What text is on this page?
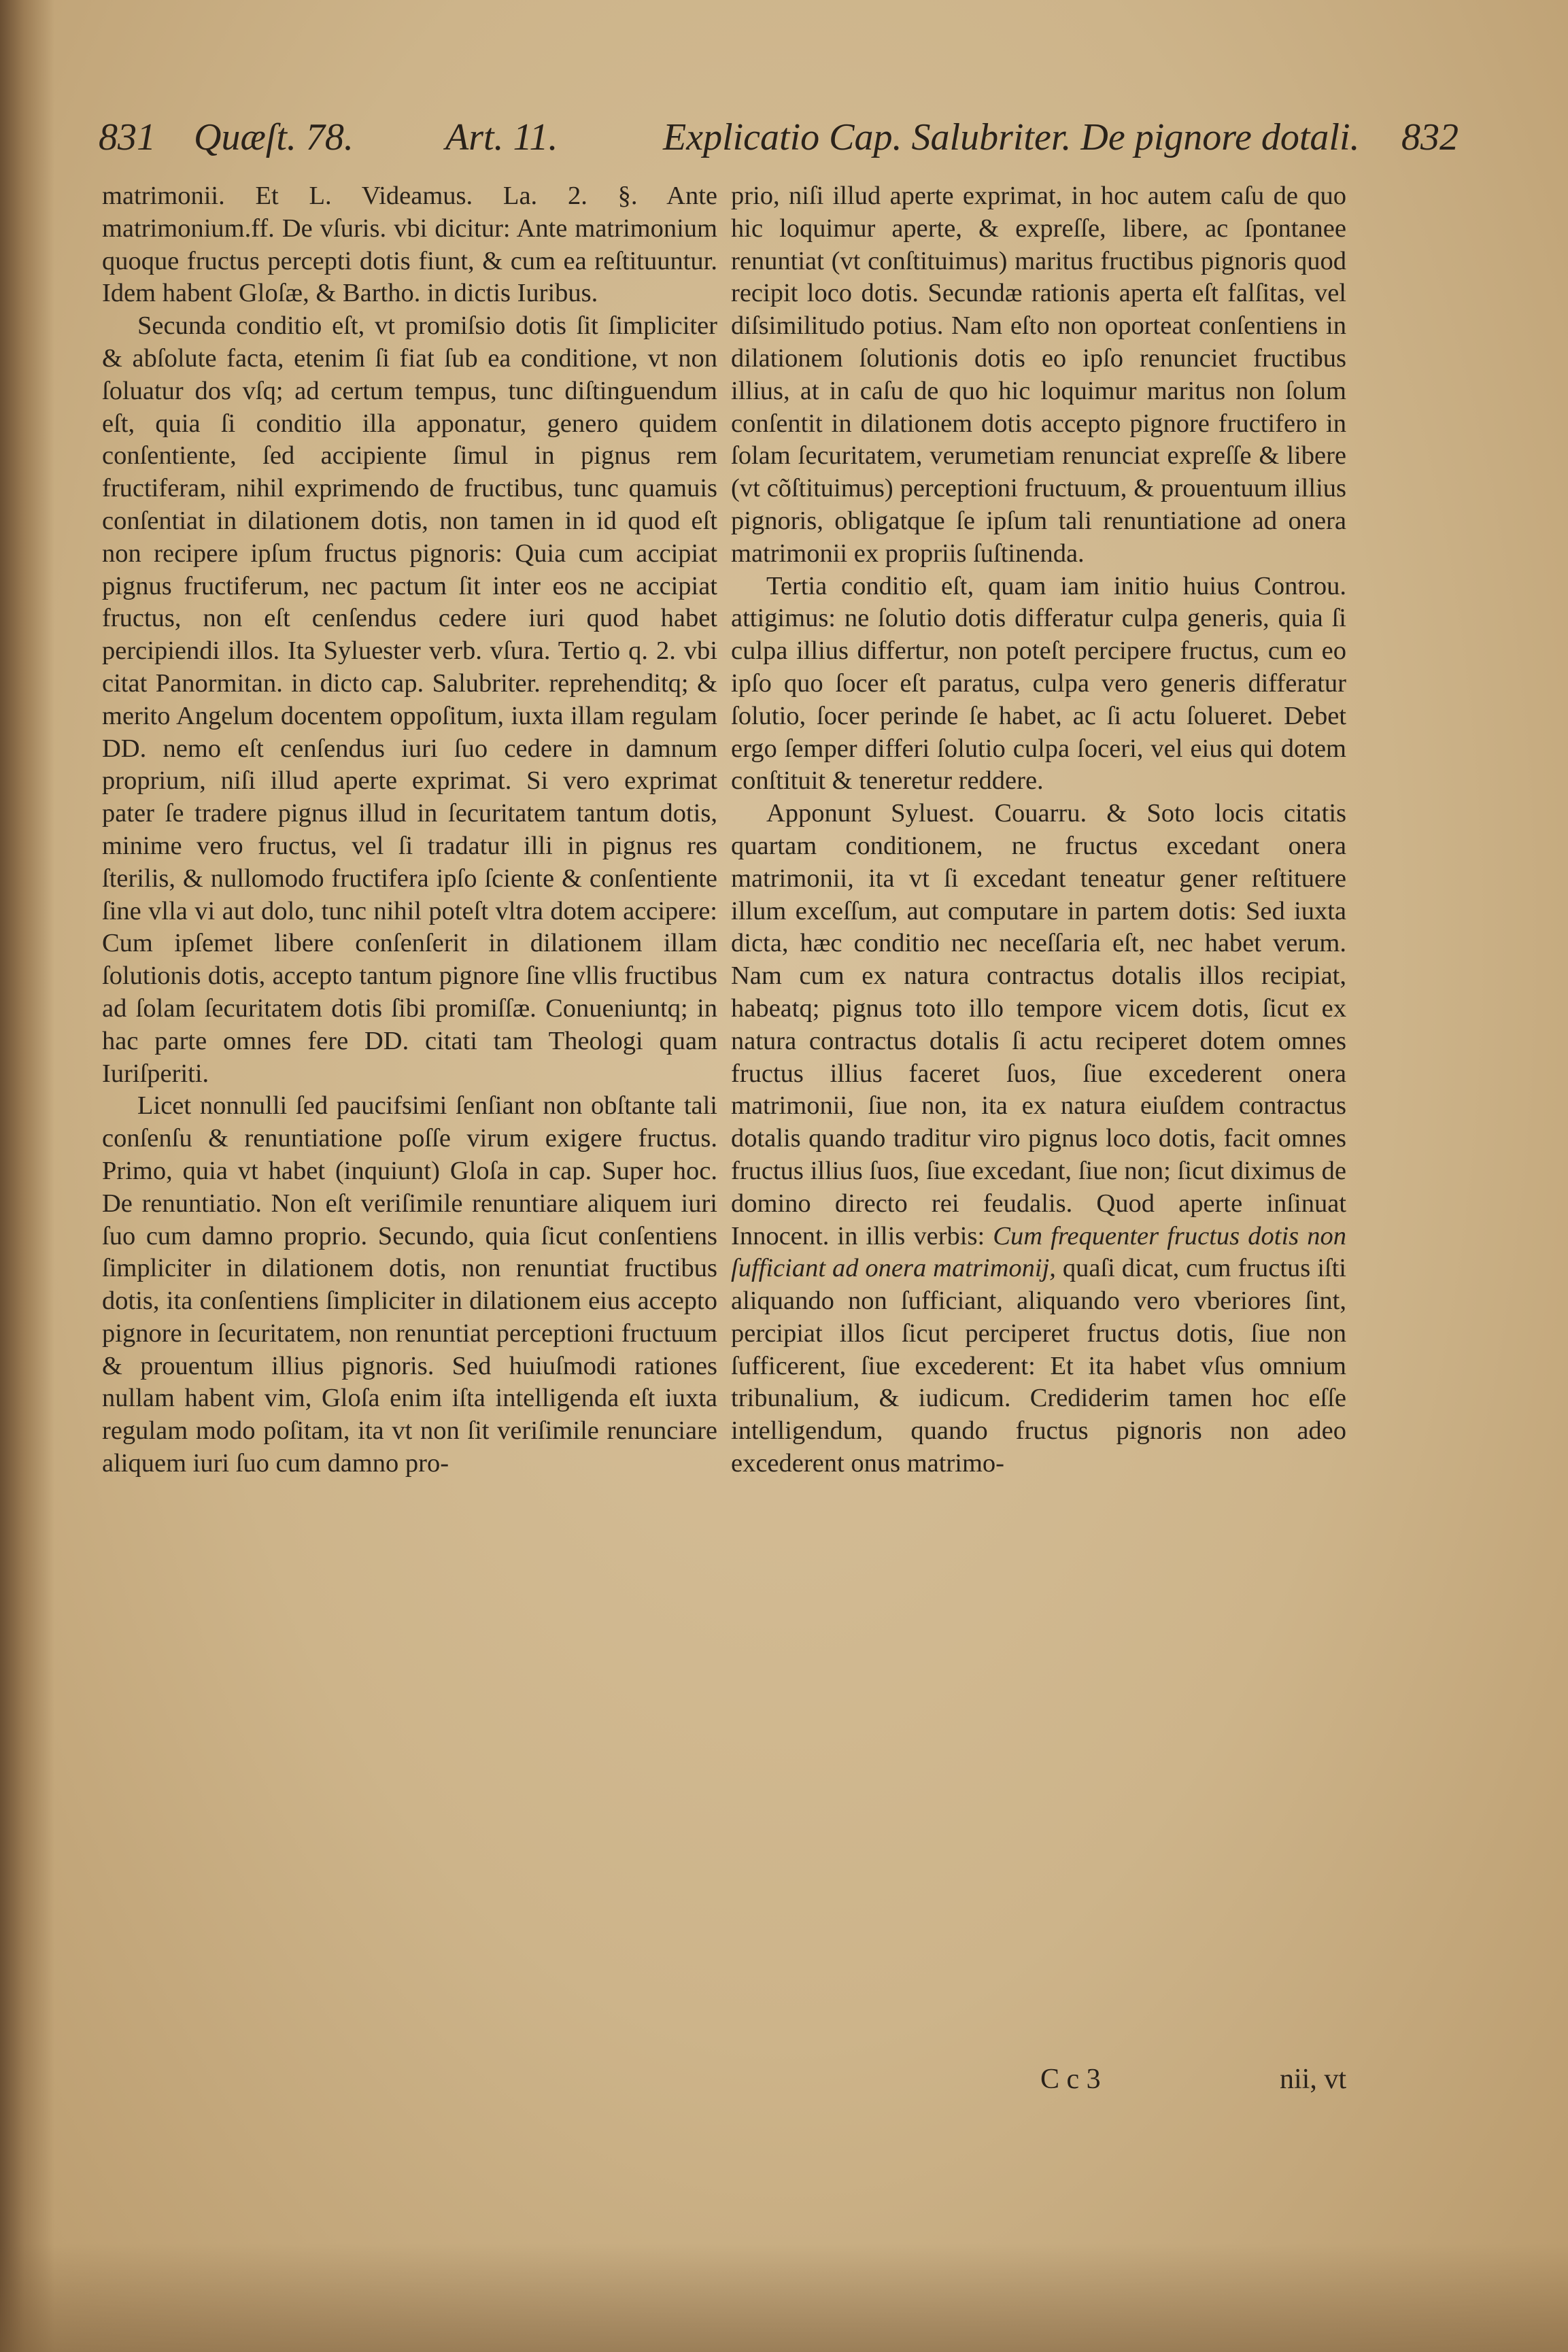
831 Quæſt. 78. Art. 11.	Explicatio Cap. Salubriter. De pignore dotali. 832

matrimonii. Et L. Videamus. La. 2. §. Ante matrimonium.ff. De vſuris. vbi dicitur: Ante matrimonium quoque fructus percepti dotis fiunt, & cum ea reſtituuntur. Idem habent Gloſæ, & Bartho. in dictis Iuribus.

Secunda conditio eſt, vt promiſsio dotis ſit ſimpliciter & abſolute facta, etenim ſi fiat ſub ea conditione, vt non ſoluatur dos vſq; ad certum tempus, tunc diſtinguendum eſt, quia ſi conditio illa apponatur, genero quidem conſentiente, ſed accipiente ſimul in pignus rem fructiferam, nihil exprimendo de fructibus, tunc quamuis conſentiat in dilationem dotis, non tamen in id quod eſt non recipere ipſum fructus pignoris: Quia cum accipiat pignus fructiferum, nec pactum ſit inter eos ne accipiat fructus, non eſt cenſendus cedere iuri quod habet percipiendi illos. Ita Syluester verb. vſura. Tertio q. 2. vbi citat Panormitan. in dicto cap. Salubriter. reprehenditq; & merito Angelum docentem oppoſitum, iuxta illam regulam DD. nemo eſt cenſendus iuri ſuo cedere in damnum proprium, niſi illud aperte exprimat. Si vero exprimat pater ſe tradere pignus illud in ſecuritatem tantum dotis, minime vero fructus, vel ſi tradatur illi in pignus res ſterilis, & nullomodo fructifera ipſo ſciente & conſentiente ſine vlla vi aut dolo, tunc nihil poteſt vltra dotem accipere: Cum ipſemet libere conſenſerit in dilationem illam ſolutionis dotis, accepto tantum pignore ſine vllis fructibus ad ſolam ſecuritatem dotis ſibi promiſſæ. Conueniuntq; in hac parte omnes fere DD. citati tam Theologi quam Iuriſperiti.

Licet nonnulli ſed paucifsimi ſenſiant non obſtante tali conſenſu & renuntiatione poſſe virum exigere fructus. Primo, quia vt habet (inquiunt) Gloſa in cap. Super hoc. De renuntiatio. Non eſt veriſimile renuntiare aliquem iuri ſuo cum damno proprio. Secundo, quia ſicut conſentiens ſimpliciter in dilationem dotis, non renuntiat fructibus dotis, ita conſentiens ſimpliciter in dilationem eius accepto pignore in ſecuritatem, non renuntiat perceptioni fructuum & prouentum illius pignoris. Sed huiuſmodi rationes nullam habent vim, Gloſa enim iſta intelligenda eſt iuxta regulam modo poſitam, ita vt non ſit veriſimile renunciare aliquem iuri ſuo cum damno pro-

prio, niſi illud aperte exprimat, in hoc autem caſu de quo hic loquimur aperte, & expreſſe, libere, ac ſpontanee renuntiat (vt conſtituimus) maritus fructibus pignoris quod recipit loco dotis. Secundæ rationis aperta eſt falſitas, vel diſsimilitudo potius. Nam eſto non oporteat conſentiens in dilationem ſolutionis dotis eo ipſo renunciet fructibus illius, at in caſu de quo hic loquimur maritus non ſolum conſentit in dilationem dotis accepto pignore fructifero in ſolam ſecuritatem, verumetiam renunciat expreſſe & libere (vt cõſtituimus) perceptioni fructuum, & prouentuum illius pignoris, obligatque ſe ipſum tali renuntiatione ad onera matrimonii ex propriis ſuſtinenda.

Tertia conditio eſt, quam iam initio huius Controu. attigimus: ne ſolutio dotis differatur culpa generis, quia ſi culpa illius differtur, non poteſt percipere fructus, cum eo ipſo quo ſocer eſt paratus, culpa vero generis differatur ſolutio, ſocer perinde ſe habet, ac ſi actu ſolueret. Debet ergo ſemper differi ſolutio culpa ſoceri, vel eius qui dotem conſtituit & teneretur reddere.

Apponunt Syluest. Couarru. & Soto locis citatis quartam conditionem, ne fructus excedant onera matrimonii, ita vt ſi excedant teneatur gener reſtituere illum exceſſum, aut computare in partem dotis: Sed iuxta dicta, hæc conditio nec neceſſaria eſt, nec habet verum. Nam cum ex natura contractus dotalis illos recipiat, habeatq; pignus toto illo tempore vicem dotis, ſicut ex natura contractus dotalis ſi actu reciperet dotem omnes fructus illius faceret ſuos, ſiue excederent onera matrimonii, ſiue non, ita ex natura eiuſdem contractus dotalis quando traditur viro pignus loco dotis, facit omnes fructus illius ſuos, ſiue excedant, ſiue non; ſicut diximus de domino directo rei feudalis. Quod aperte inſinuat Innocent. in illis verbis: Cum frequenter fructus dotis non ſufficiant ad onera matrimonij, quaſi dicat, cum fructus iſti aliquando non ſufficiant, aliquando vero vberiores ſint, percipiat illos ſicut perciperet fructus dotis, ſiue non ſufficerent, ſiue excederent: Et ita habet vſus omnium tribunalium, & iudicum. Crediderim tamen hoc eſſe intelligendum, quando fructus pignoris non adeo excederent onus matrimo-

C c 3	nii, vt
